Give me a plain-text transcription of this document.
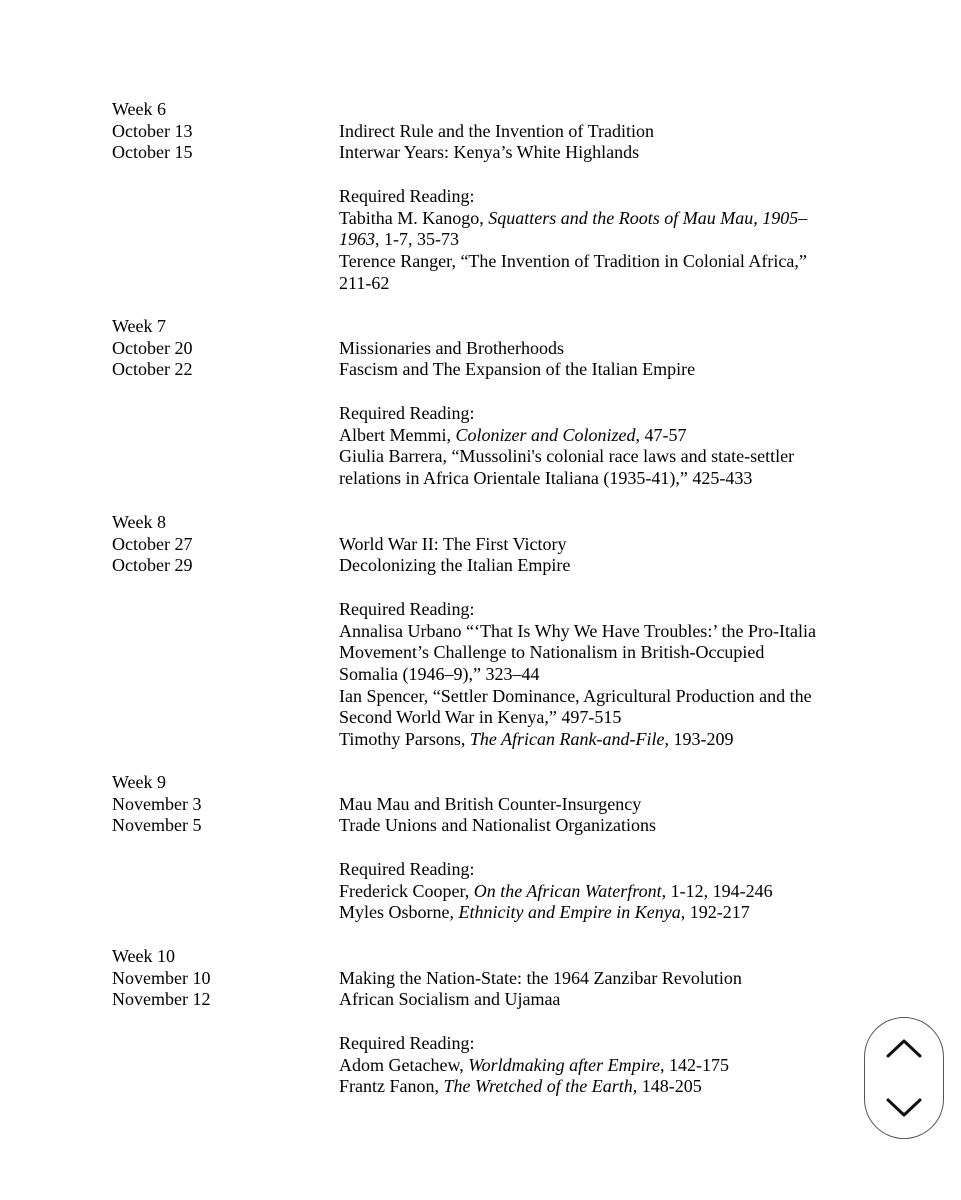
Week 6
October 13	Indirect Rule and the Invention of Tradition
October 15	Interwar Years: Kenya’s White Highlands
Required Reading:
Tabitha M. Kanogo, Squatters and the Roots of Mau Mau, 1905–
1963, 1-7, 35-73
Terence Ranger, “The Invention of Tradition in Colonial Africa,”
211-62
Week 7
October 20	Missionaries and Brotherhoods
October 22	Fascism and The Expansion of the Italian Empire
Required Reading:
Albert Memmi, Colonizer and Colonized, 47-57
Giulia Barrera, “Mussolini's colonial race laws and state-settler
relations in Africa Orientale Italiana (1935-41),” 425-433
Week 8
October 27	World War II: The First Victory
October 29	Decolonizing the Italian Empire
Required Reading:
Annalisa Urbano “‘That Is Why We Have Troubles:’ the Pro-Italia
Movement’s Challenge to Nationalism in British-Occupied
Somalia (1946–9),” 323–44
Ian Spencer, “Settler Dominance, Agricultural Production and the
Second World War in Kenya,” 497-515
Timothy Parsons, The African Rank-and-File, 193-209
Week 9
November 3	Mau Mau and British Counter-Insurgency
November 5	Trade Unions and Nationalist Organizations
Required Reading:
Frederick Cooper, On the African Waterfront, 1-12, 194-246
Myles Osborne, Ethnicity and Empire in Kenya, 192-217
Week 10
November 10	Making the Nation-State: the 1964 Zanzibar Revolution
November 12	African Socialism and Ujamaa
Required Reading:
Adom Getachew, Worldmaking after Empire, 142-175
Frantz Fanon, The Wretched of the Earth, 148-205
